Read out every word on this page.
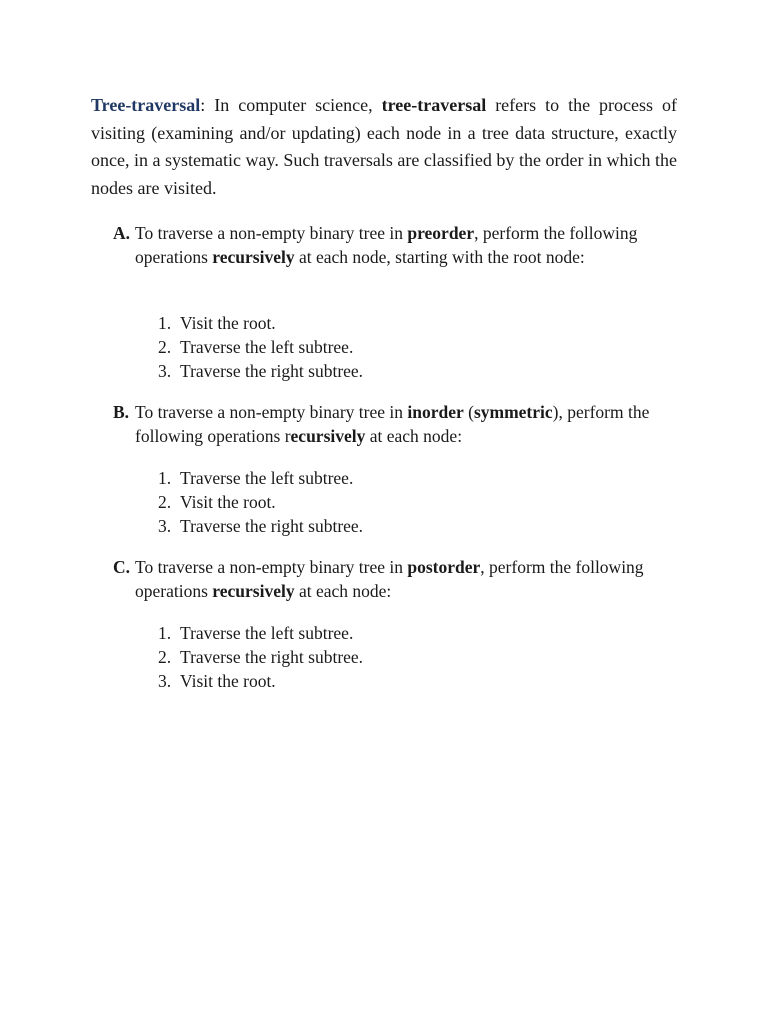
Tree-traversal: In computer science, tree-traversal refers to the process of visiting (examining and/or updating) each node in a tree data structure, exactly once, in a systematic way. Such traversals are classified by the order in which the nodes are visited.

A. To traverse a non-empty binary tree in preorder, perform the following operations recursively at each node, starting with the root node:
1. Visit the root.
2. Traverse the left subtree.
3. Traverse the right subtree.
B. To traverse a non-empty binary tree in inorder (symmetric), perform the following operations recursively at each node:
1. Traverse the left subtree.
2. Visit the root.
3. Traverse the right subtree.
C. To traverse a non-empty binary tree in postorder, perform the following operations recursively at each node:
1. Traverse the left subtree.
2. Traverse the right subtree.
3. Visit the root.
